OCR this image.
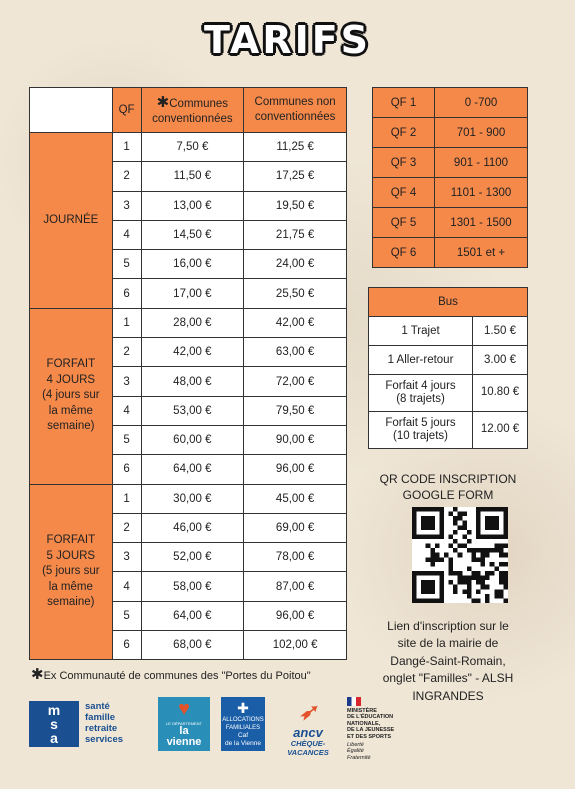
TARIFS
	QF	✱Communes conventionnées	Communes non conventionnées
JOURNÉE	1	7,50 €	11,25 €
	2	11,50 €	17,25 €
	3	13,00 €	19,50 €
	4	14,50 €	21,75 €
	5	16,00 €	24,00 €
	6	17,00 €	25,50 €
FORFAIT
4 JOURS
(4 jours sur
la même
semaine)	1	28,00 €	42,00 €
	2	42,00 €	63,00 €
	3	48,00 €	72,00 €
	4	53,00 €	79,50 €
	5	60,00 €	90,00 €
	6	64,00 €	96,00 €
FORFAIT
5 JOURS
(5 jours sur
la même
semaine)	1	30,00 €	45,00 €
	2	46,00 €	69,00 €
	3	52,00 €	78,00 €
	4	58,00 €	87,00 €
	5	64,00 €	96,00 €
	6	68,00 €	102,00 €
QF 1	0 -700
QF 2	701 - 900
QF 3	901 - 1100
QF 4	1101 - 1300
QF 5	1301 - 1500
QF 6	1501 et +
Bus	
1 Trajet	1.50 €
1 Aller-retour	3.00 €
Forfait 4 jours
(8 trajets)	10.80 €
Forfait 5 jours
(10 trajets)	12.00 €
QR CODE INSCRIPTION
GOOGLE FORM
Lien d'inscription sur le
site de la mairie de
Dangé-Saint-Romain,
onglet "Familles" - ALSH
INGRANDES
✱Ex Communauté de communes des "Portes du Poitou"
m
s
a
santé
famille
retraite
services
♥
LE DÉPARTEMENT
la
vienne
✚
ALLOCATIONS
FAMILIALES
Caf
de la Vienne
➶
ancv
CHÈQUE-VACANCES
MINISTÈRE
DE L'ÉDUCATION
NATIONALE,
DE LA JEUNESSE
ET DES SPORTS
Liberté
Égalité
Fraternité
